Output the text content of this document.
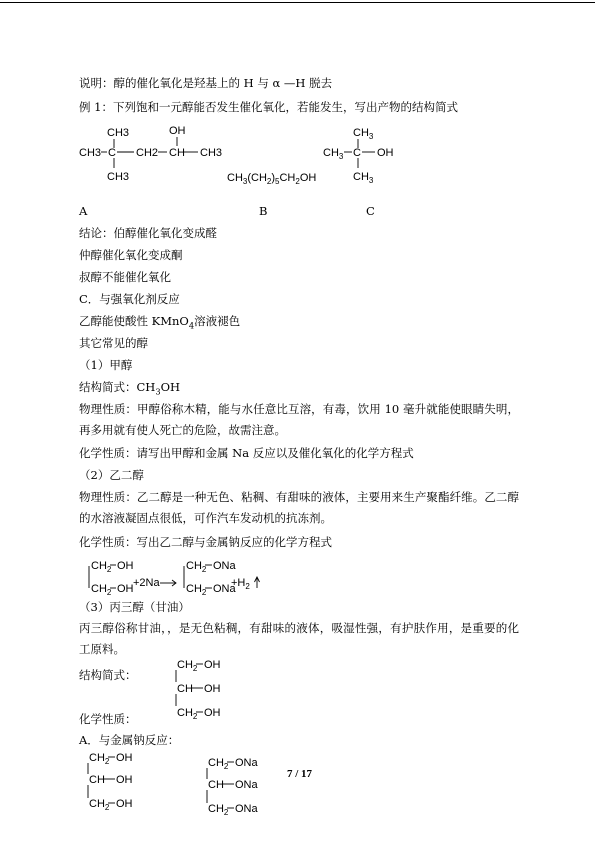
说明：醇的催化氧化是羟基上的 H 与 α —H 脱去
例 1：下列饱和一元醇能否发生催化氧化，若能发生，写出产物的结构简式
CH3
CH3 C CH2 CH CH3
OH
CH3	$CH_3(CH_2)_5CH_2OH$
$CH_3$
$CH_3$ C OH
$CH_3$
$CH_2$ OH
$CH_2$ OH +2Na
$CH_2$ ONa
$CH_2$ ONa
$+H_2$
$CH_2$ OH
CH OH
$CH_2$ OH
$CH_2$ OH
CH OH
$CH_2$ OH
$CH_2$ ONa
CH ONa
$CH_2$ ONa
A	B	C
结论：伯醇催化氧化变成醛
仲醇催化氧化变成酮
叔醇不能催化氧化
C．与强氧化剂反应
乙醇能使酸性 KMnO$_4$溶液褪色
其它常见的醇
（1）甲醇
结构简式：$CH_3OH$
物理性质：甲醇俗称木精，能与水任意比互溶，有毒，饮用 10 毫升就能使眼睛失明，再多用就有使人死亡的危险，故需注意。
化学性质：请写出甲醇和金属 Na 反应以及催化氧化的化学方程式
（2）乙二醇
物理性质：乙二醇是一种无色、粘稠、有甜味的液体，主要用来生产聚酯纤维。乙二醇的水溶液凝固点很低，可作汽车发动机的抗冻剂。
化学性质：写出乙二醇与金属钠反应的化学方程式
（3）丙三醇（甘油）
丙三醇俗称甘油，，是无色粘稠，有甜味的液体，吸湿性强，有护肤作用，是重要的化工原料。
结构简式：
化学性质：
A．与金属钠反应：
7 / 17
